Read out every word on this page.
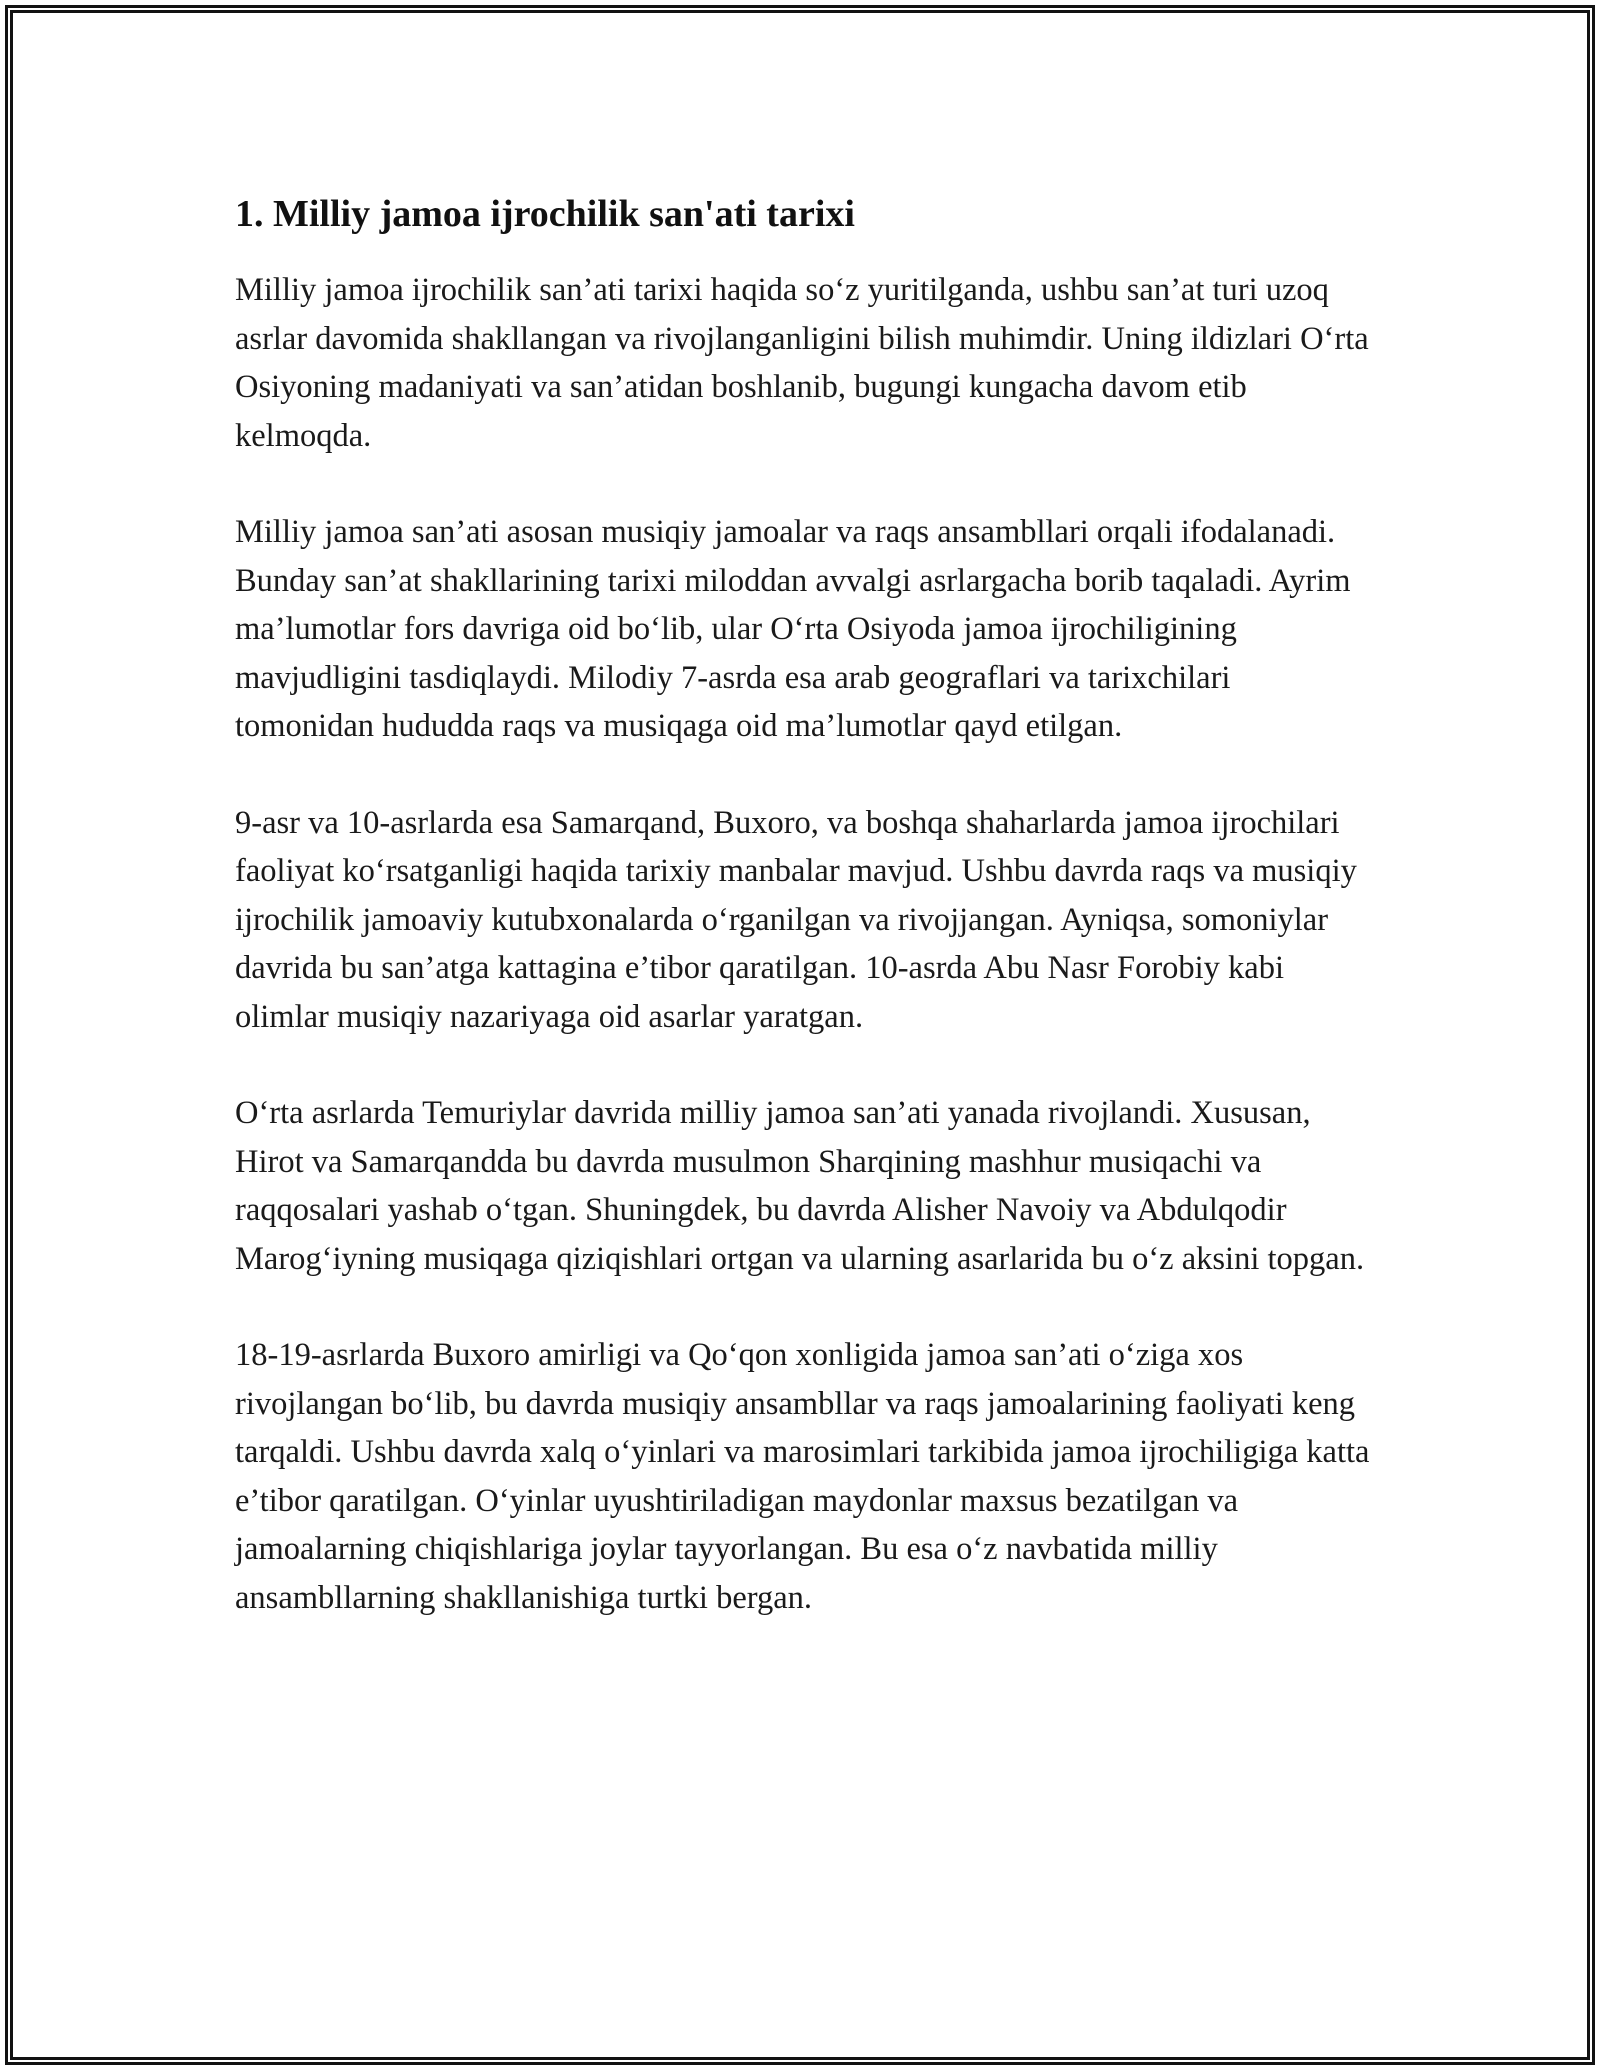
1. Milliy jamoa ijrochilik san'ati tarixi

Milliy jamoa ijrochilik san’ati tarixi haqida so‘z yuritilganda, ushbu san’at turi uzoq asrlar davomida shakllangan va rivojlanganligini bilish muhimdir. Uning ildizlari O‘rta Osiyoning madaniyati va san’atidan boshlanib, bugungi kungacha davom etib kelmoqda.

Milliy jamoa san’ati asosan musiqiy jamoalar va raqs ansambllari orqali ifodalanadi. Bunday san’at shakllarining tarixi miloddan avvalgi asrlargacha borib taqaladi. Ayrim ma’lumotlar fors davriga oid bo‘lib, ular O‘rta Osiyoda jamoa ijrochiligining mavjudligini tasdiqlaydi. Milodiy 7-asrda esa arab geograflari va tarixchilari tomonidan hududda raqs va musiqaga oid ma’lumotlar qayd etilgan.

9-asr va 10-asrlarda esa Samarqand, Buxoro, va boshqa shaharlarda jamoa ijrochilari faoliyat ko‘rsatganligi haqida tarixiy manbalar mavjud. Ushbu davrda raqs va musiqiy ijrochilik jamoaviy kutubxonalarda o‘rganilgan va rivojjangan. Ayniqsa, somoniylar davrida bu san’atga kattagina e’tibor qaratilgan. 10-asrda Abu Nasr Forobiy kabi olimlar musiqiy nazariyaga oid asarlar yaratgan.

O‘rta asrlarda Temuriylar davrida milliy jamoa san’ati yanada rivojlandi. Xususan, Hirot va Samarqandda bu davrda musulmon Sharqining mashhur musiqachi va raqqosalari yashab o‘tgan. Shuningdek, bu davrda Alisher Navoiy va Abdulqodir Marog‘iyning musiqaga qiziqishlari ortgan va ularning asarlarida bu o‘z aksini topgan.

18-19-asrlarda Buxoro amirligi va Qo‘qon xonligida jamoa san’ati o‘ziga xos rivojlangan bo‘lib, bu davrda musiqiy ansambllar va raqs jamoalarining faoliyati keng tarqaldi. Ushbu davrda xalq o‘yinlari va marosimlari tarkibida jamoa ijrochiligiga katta e’tibor qaratilgan. O‘yinlar uyushtiriladigan maydonlar maxsus bezatilgan va jamoalarning chiqishlariga joylar tayyorlangan. Bu esa o‘z navbatida milliy ansambllarning shakllanishiga turtki bergan.
